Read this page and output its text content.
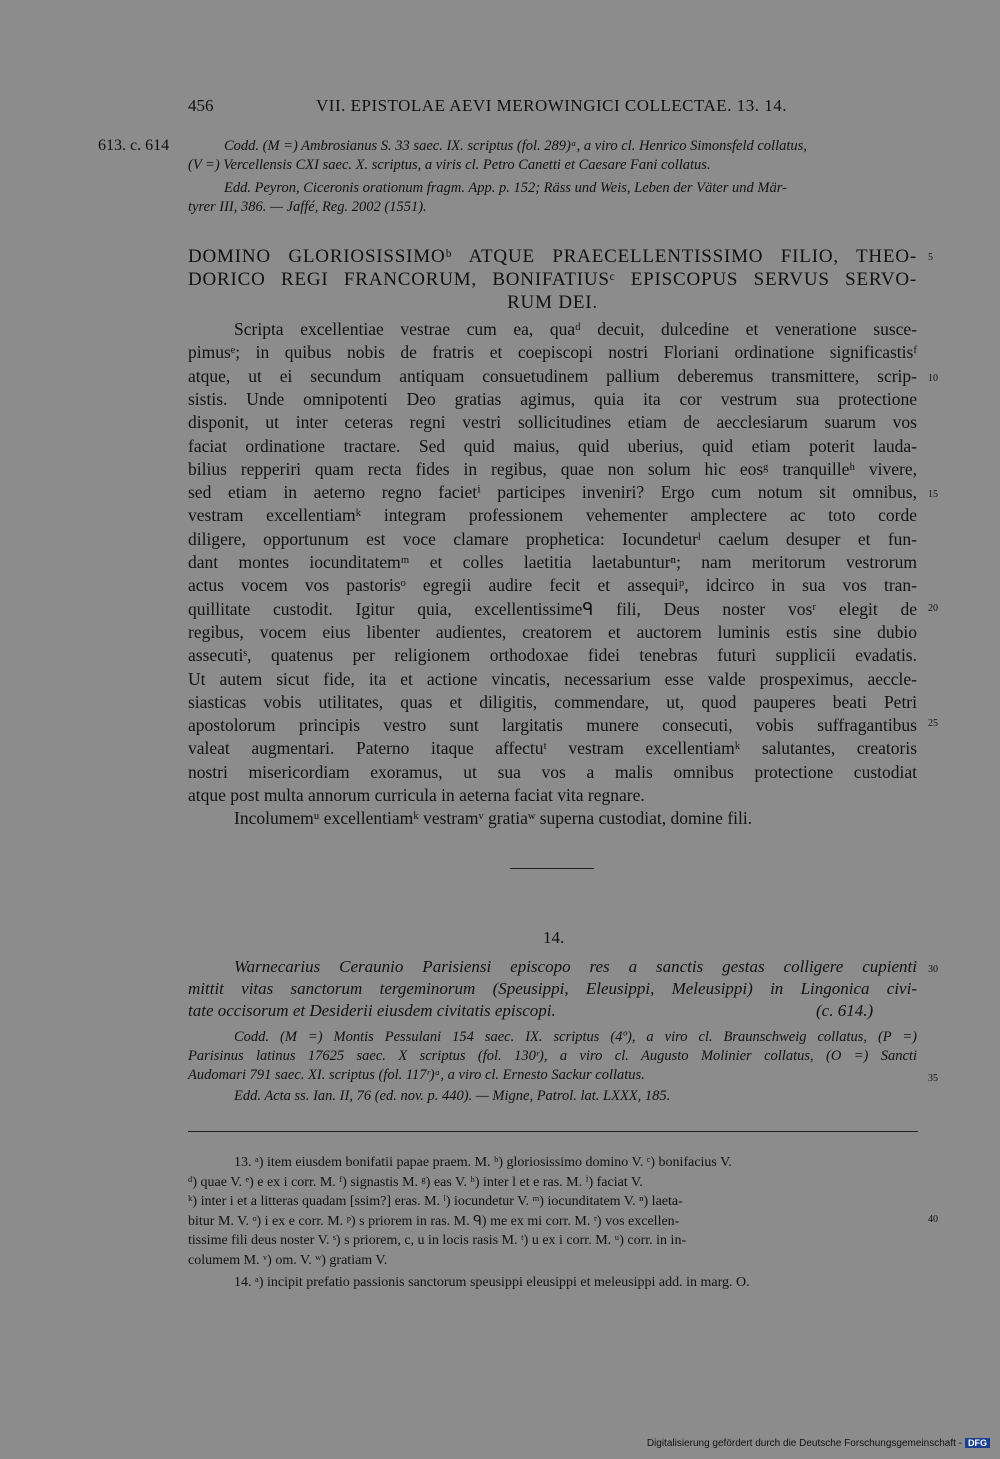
456	VII. EPISTOLAE AEVI MEROWINGICI COLLECTAE. 13. 14.
613. c. 614	Codd. (M =) Ambrosianus S. 33 saec. IX. scriptus (fol. 289)ᵃ, a viro cl. Henrico Simonsfeld collatus,
(V =) Vercellensis CXI saec. X. scriptus, a viris cl. Petro Canetti et Caesare Fani collatus.
Edd. Peyron, Ciceronis orationum fragm. App. p. 152; Räss und Weis, Leben der Väter und Mär-
tyrer III, 386. — Jaffé, Reg. 2002 (1551).
DOMINO GLORIOSISSIMOᵇ ATQUE PRAECELLENTISSIMO FILIO, THEO-
DORICO REGI FRANCORUM, BONIFATIUSᶜ EPISCOPUS SERVUS SERVO-
RUM DEI.
Scripta excellentiae vestrae cum ea, quaᵈ decuit, dulcedine et veneratione susce-
pimusᵉ; in quibus nobis de fratris et coepiscopi nostri Floriani ordinatione significastisᶠ
atque, ut ei secundum antiquam consuetudinem pallium deberemus transmittere, scrip-
sistis. Unde omnipotenti Deo gratias agimus, quia ita cor vestrum sua protectione
disponit, ut inter ceteras regni vestri sollicitudines etiam de aecclesiarum suarum vos
faciat ordinatione tractare. Sed quid maius, quid uberius, quid etiam poterit lauda-
bilius repperiri quam recta fides in regibus, quae non solum hic eosᵍ tranquilleʰ vivere,
sed etiam in aeterno regno facietⁱ participes inveniri? Ergo cum notum sit omnibus,
vestram excellentiamᵏ integram professionem vehementer amplectere ac toto corde
diligere, opportunum est voce clamare prophetica: Iocundeturˡ caelum desuper et fun-
dant montes iocunditatemᵐ et colles laetitia laetabunturⁿ; nam meritorum vestrorum
actus vocem vos pastorisᵒ egregii audire fecit et assequiᵖ, idcirco in sua vos tran-
quillitate custodit. Igitur quia, excellentissimeᑫ fili, Deus noster vosʳ elegit de
regibus, vocem eius libenter audientes, creatorem et auctorem luminis estis sine dubio
assecutiˢ, quatenus per religionem orthodoxae fidei tenebras futuri supplicii evadatis.
Ut autem sicut fide, ita et actione vincatis, necessarium esse valde prospeximus, aeccle-
siasticas vobis utilitates, quas et diligitis, commendare, ut, quod pauperes beati Petri
apostolorum principis vestro sunt largitatis munere consecuti, vobis suffragantibus
valeat augmentari. Paterno itaque affectuᵗ vestram excellentiamᵏ salutantes, creatoris
nostri misericordiam exoramus, ut sua vos a malis omnibus protectione custodiat
atque post multa annorum curricula in aeterna faciat vita regnare.
Incolumemᵘ excellentiamᵏ vestramᵛ gratiaʷ superna custodiat, domine fili.
5
10
15
20
25
30
35
14.
Warnecarius Ceraunio Parisiensi episcopo res a sanctis gestas colligere cupienti
mittit vitas sanctorum tergeminorum (Speusippi, Eleusippi, Meleusippi) in Lingonica civi-
tate occisorum et Desiderii eiusdem civitatis episcopi.	(c. 614.)
Codd. (M =) Montis Pessulani 154 saec. IX. scriptus (4º), a viro cl. Braunschweig collatus, (P =)
Parisinus latinus 17625 saec. X scriptus (fol. 130ʳ), a viro cl. Augusto Molinier collatus, (O =) Sancti
Audomari 791 saec. XI. scriptus (fol. 117ʳ)ᵃ, a viro cl. Ernesto Sackur collatus.
Edd. Acta ss. Ian. II, 76 (ed. nov. p. 440). — Migne, Patrol. lat. LXXX, 185.
13. ᵃ) item eiusdem bonifatii papae praem. M. ᵇ) gloriosissimo domino V. ᶜ) bonifacius V.
ᵈ) quae V. ᵉ) e ex i corr. M. ᶠ) signastis M. ᵍ) eas V. ʰ) inter l et e ras. M. ⁱ) faciat V.
ᵏ) inter i et a litteras quadam [ssim?] eras. M. ˡ) iocundetur V. ᵐ) iocunditatem V. ⁿ) laeta-
bitur M. V. ᵒ) i ex e corr. M. ᵖ) s priorem in ras. M. ᑫ) me ex mi corr. M. ʳ) vos excellen-
tissime fili deus noster V. ˢ) s priorem, c, u in locis rasis M. ᵗ) u ex i corr. M. ᵘ) corr. in in-
columem M. ᵛ) om. V. ʷ) gratiam V.
14. ᵃ) incipit prefatio passionis sanctorum speusippi eleusippi et meleusippi add. in marg. O.
40
Digitalisierung gefördert durch die Deutsche Forschungsgemeinschaft - DFG
